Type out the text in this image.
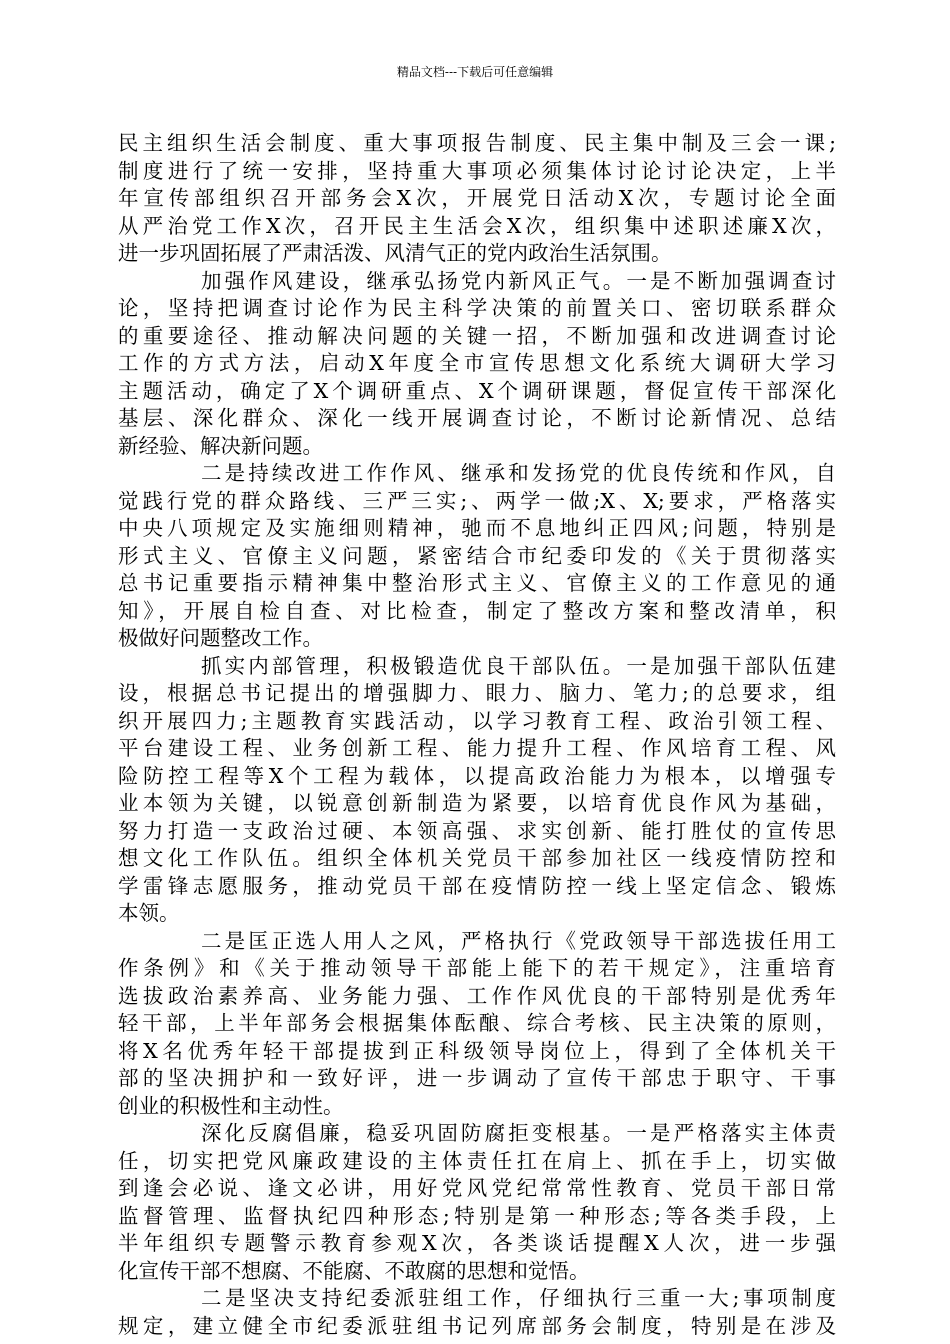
精品文档---下载后可任意编辑
民主组织生活会制度、重大事项报告制度、民主集中制及三会一课;
制度进行了统一安排，坚持重大事项必须集体讨论讨论决定，上半
年宣传部组织召开部务会X次，开展党日活动X次，专题讨论全面
从严治党工作X次，召开民主生活会X次，组织集中述职述廉X次，
进一步巩固拓展了严肃活泼、风清气正的党内政治生活氛围。
加强作风建设，继承弘扬党内新风正气。一是不断加强调查讨
论，坚持把调查讨论作为民主科学决策的前置关口、密切联系群众
的重要途径、推动解决问题的关键一招，不断加强和改进调查讨论
工作的方式方法，启动X年度全市宣传思想文化系统大调研大学习
主题活动，确定了X个调研重点、X个调研课题，督促宣传干部深化
基层、深化群众、深化一线开展调查讨论，不断讨论新情况、总结
新经验、解决新问题。
二是持续改进工作作风、继承和发扬党的优良传统和作风，自
觉践行党的群众路线、三严三实;、两学一做;X、X;要求，严格落实
中央八项规定及实施细则精神，驰而不息地纠正四风;问题，特别是
形式主义、官僚主义问题，紧密结合市纪委印发的《关于贯彻落实
总书记重要指示精神集中整治形式主义、官僚主义的工作意见的通
知》，开展自检自查、对比检查，制定了整改方案和整改清单，积
极做好问题整改工作。
抓实内部管理，积极锻造优良干部队伍。一是加强干部队伍建
设，根据总书记提出的增强脚力、眼力、脑力、笔力;的总要求，组
织开展四力;主题教育实践活动，以学习教育工程、政治引领工程、
平台建设工程、业务创新工程、能力提升工程、作风培育工程、风
险防控工程等X个工程为载体，以提高政治能力为根本，以增强专
业本领为关键，以锐意创新制造为紧要，以培育优良作风为基础，
努力打造一支政治过硬、本领高强、求实创新、能打胜仗的宣传思
想文化工作队伍。组织全体机关党员干部参加社区一线疫情防控和
学雷锋志愿服务，推动党员干部在疫情防控一线上坚定信念、锻炼
本领。
二是匡正选人用人之风，严格执行《党政领导干部选拔任用工
作条例》和《关于推动领导干部能上能下的若干规定》，注重培育
选拔政治素养高、业务能力强、工作作风优良的干部特别是优秀年
轻干部，上半年部务会根据集体酝酿、综合考核、民主决策的原则，
将X名优秀年轻干部提拔到正科级领导岗位上，得到了全体机关干
部的坚决拥护和一致好评，进一步调动了宣传干部忠于职守、干事
创业的积极性和主动性。
深化反腐倡廉，稳妥巩固防腐拒变根基。一是严格落实主体责
任，切实把党风廉政建设的主体责任扛在肩上、抓在手上，切实做
到逢会必说、逢文必讲，用好党风党纪常常性教育、党员干部日常
监督管理、监督执纪四种形态;特别是第一种形态;等各类手段，上
半年组织专题警示教育参观X次，各类谈话提醒X人次，进一步强
化宣传干部不想腐、不能腐、不敢腐的思想和觉悟。
二是坚决支持纪委派驻组工作，仔细执行三重一大;事项制度
规定，建立健全市纪委派驻组书记列席部务会制度，特别是在涉及
